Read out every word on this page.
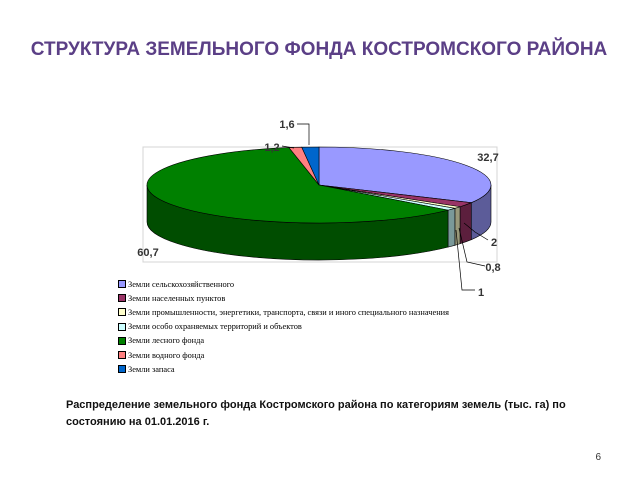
СТРУКТУРА ЗЕМЕЛЬНОГО ФОНДА КОСТРОМСКОГО РАЙОНА
32,7
2
0,8
1
60,7
1,2
1,6
Земли сельскохозяйственного
Земли населенных пунктов
Земли промышленности, энергетики, транспорта, связи и иного специального назначения
Земли особо охраняемых территорий и объектов
Земли лесного фонда
Земли водного фонда
Земли запаса
Распределение земельного фонда Костромского района по категориям земель (тыс. га) по состоянию на 01.01.2016 г.
6
